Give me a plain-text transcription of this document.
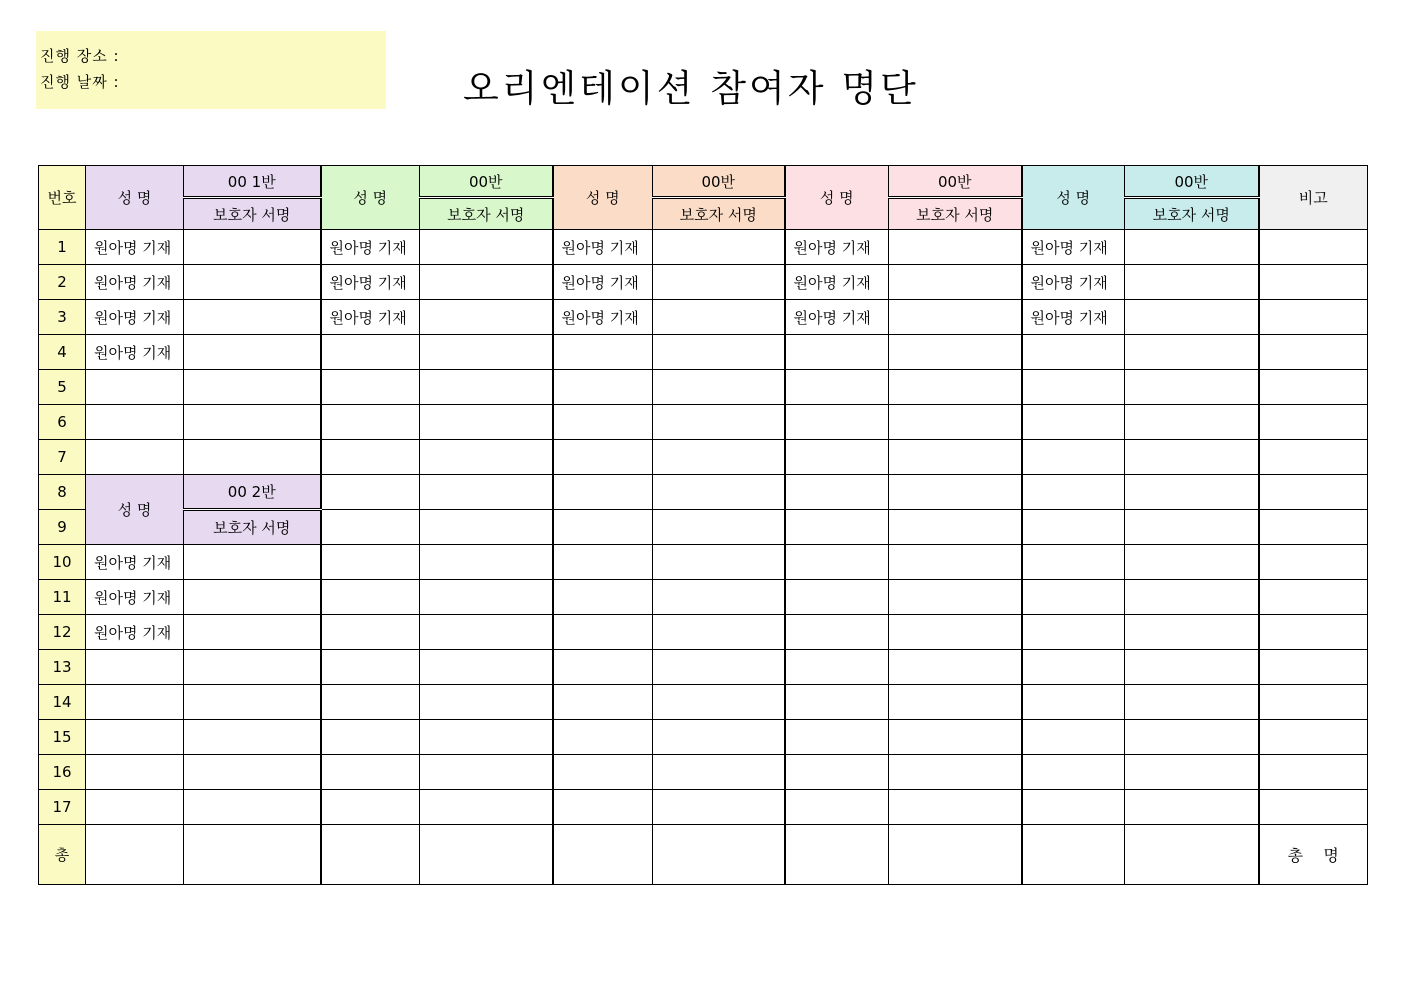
진행 장소 :
진행 날짜 :	오리엔테이션 참여자 명단
번호	성 명	00 1반	성 명	00반	성 명	00반	성 명	00반	성 명	00반	비고
		보호자 서명		보호자 서명		보호자 서명		보호자 서명		보호자 서명	
1	원아명 기재		원아명 기재		원아명 기재		원아명 기재		원아명 기재		
2	원아명 기재		원아명 기재		원아명 기재		원아명 기재		원아명 기재		
3	원아명 기재		원아명 기재		원아명 기재		원아명 기재		원아명 기재		
4	원아명 기재										
5											
6											
7											
8	성 명	00 2반									
9		보호자 서명									
10	원아명 기재										
11	원아명 기재										
12	원아명 기재										
13											
14											
15											
16											
17											
총											총    명
